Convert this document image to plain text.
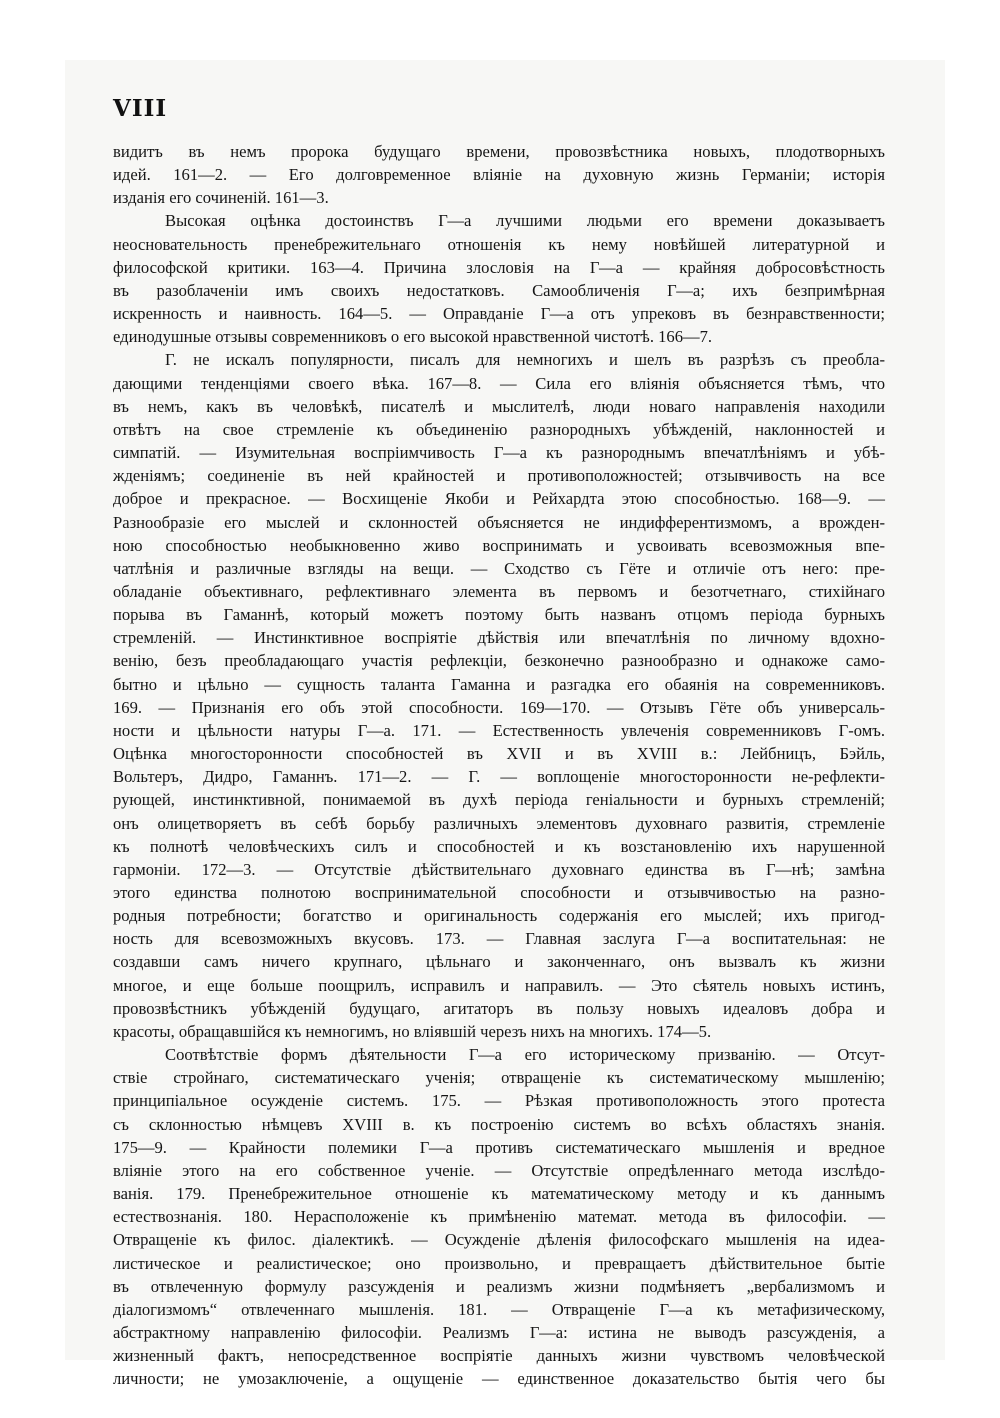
VIII

видитъ въ немъ пророка будущаго времени, провозвѣстника новыхъ, плодотворныхъ

идей. 161—2. — Его долговременное вліяніе на духовную жизнь Германіи; исторія

изданія его сочиненій. 161—3.

Высокая оцѣнка достоинствъ Г—а лучшими людьми его времени доказываетъ

неосновательность пренебрежительнаго отношенія къ нему новѣйшей литературной и

философской критики. 163—4. Причина злословія на Г—а — крайняя добросовѣстность

въ разоблаченіи имъ своихъ недостатковъ. Самообличенія Г—а; ихъ безпримѣрная

искренность и наивность. 164—5. — Оправданіе Г—а отъ упрековъ въ безнравственности;

единодушные отзывы современниковъ о его высокой нравственной чистотѣ. 166—7.

Г. не искалъ популярности, писалъ для немногихъ и шелъ въ разрѣзъ съ преобла-

дающими тенденціями своего вѣка. 167—8. — Сила его вліянія объясняется тѣмъ, что

въ немъ, какъ въ человѣкѣ, писателѣ и мыслителѣ, люди новаго направленія находили

отвѣтъ на свое стремленіе къ объединенію разнородныхъ убѣжденій, наклонностей и

симпатій. — Изумительная воспріимчивость Г—а къ разнороднымъ впечатлѣніямъ и убѣ-

жденіямъ; соединеніе въ ней крайностей и противоположностей; отзывчивость на все

доброе и прекрасное. — Восхищеніе Якоби и Рейхардта этою способностью. 168—9. —

Разнообразіе его мыслей и склонностей объясняется не индифферентизмомъ, а врожден-

ною способностью необыкновенно живо воспринимать и усвоивать всевозможныя впе-

чатлѣнія и различные взгляды на вещи. — Сходство съ Гёте и отличіе отъ него: пре-

обладаніе объективнаго, рефлективнаго элемента въ первомъ и безотчетнаго, стихійнаго

порыва въ Гаманнѣ, который можетъ поэтому быть названъ отцомъ періода бурныхъ

стремленій. — Инстинктивное воспріятіе дѣйствія или впечатлѣнія по личному вдохно-

венію, безъ преобладающаго участія рефлекціи, безконечно разнообразно и однакоже само-

бытно и цѣльно — сущность таланта Гаманна и разгадка его обаянія на современниковъ.

169. — Признанія его объ этой способности. 169—170. — Отзывъ Гёте объ универсаль-

ности и цѣльности натуры Г—а. 171. — Естественность увлеченія современниковъ Г-омъ.

Оцѣнка многосторонности способностей въ XVII и въ XVIII в.: Лейбницъ, Бэйль,

Вольтеръ, Дидро, Гаманнъ. 171—2. — Г. — воплощеніе многосторонности не-рефлекти-

рующей, инстинктивной, понимаемой въ духѣ періода геніальности и бурныхъ стремленій;

онъ олицетворяетъ въ себѣ борьбу различныхъ элементовъ духовнаго развитія, стремленіе

къ полнотѣ человѣческихъ силъ и способностей и къ возстановленію ихъ нарушенной

гармоніи. 172—3. — Отсутствіе дѣйствительнаго духовнаго единства въ Г—нѣ; замѣна

этого единства полнотою воспринимательной способности и отзывчивостью на разно-

родныя потребности; богатство и оригинальность содержанія его мыслей; ихъ пригод-

ность для всевозможныхъ вкусовъ. 173. — Главная заслуга Г—а воспитательная: не

создавши самъ ничего крупнаго, цѣльнаго и законченнаго, онъ вызвалъ къ жизни

многое, и еще больше поощрилъ, исправилъ и направилъ. — Это сѣятель новыхъ истинъ,

провозвѣстникъ убѣжденій будущаго, агитаторъ въ пользу новыхъ идеаловъ добра и

красоты, обращавшійся къ немногимъ, но вліявшій черезъ нихъ на многихъ. 174—5.

Соотвѣтствіе формъ дѣятельности Г—а его историческому призванію. — Отсут-

ствіе стройнаго, систематическаго ученія; отвращеніе къ систематическому мышленію;

принципіальное осужденіе системъ. 175. — Рѣзкая противоположность этого протеста

съ склонностью нѣмцевъ XVIII в. къ построенію системъ во всѣхъ областяхъ знанія.

175—9. — Крайности полемики Г—а противъ систематическаго мышленія и вредное

вліяніе этого на его собственное ученіе. — Отсутствіе опредѣленнаго метода изслѣдо-

ванія. 179. Пренебрежительное отношеніе къ математическому методу и къ даннымъ

естествознанія. 180. Нерасположеніе къ примѣненію математ. метода въ философіи. —

Отвращеніе къ филос. діалектикѣ. — Осужденіе дѣленія философскаго мышленія на идеа-

листическое и реалистическое; оно произвольно, и превращаетъ дѣйствительное бытіе

въ отвлеченную формулу разсужденія и реализмъ жизни подмѣняетъ „вербализмомъ и

діалогизмомъ“ отвлеченнаго мышленія. 181. — Отвращеніе Г—а къ метафизическому,

абстрактному направленію философіи. Реализмъ Г—а: истина не выводъ разсужденія, а

жизненный фактъ, непосредственное воспріятіе данныхъ жизни чувствомъ человѣческой

личности; не умозаключеніе, а ощущеніе — единственное доказательство бытія чего бы
